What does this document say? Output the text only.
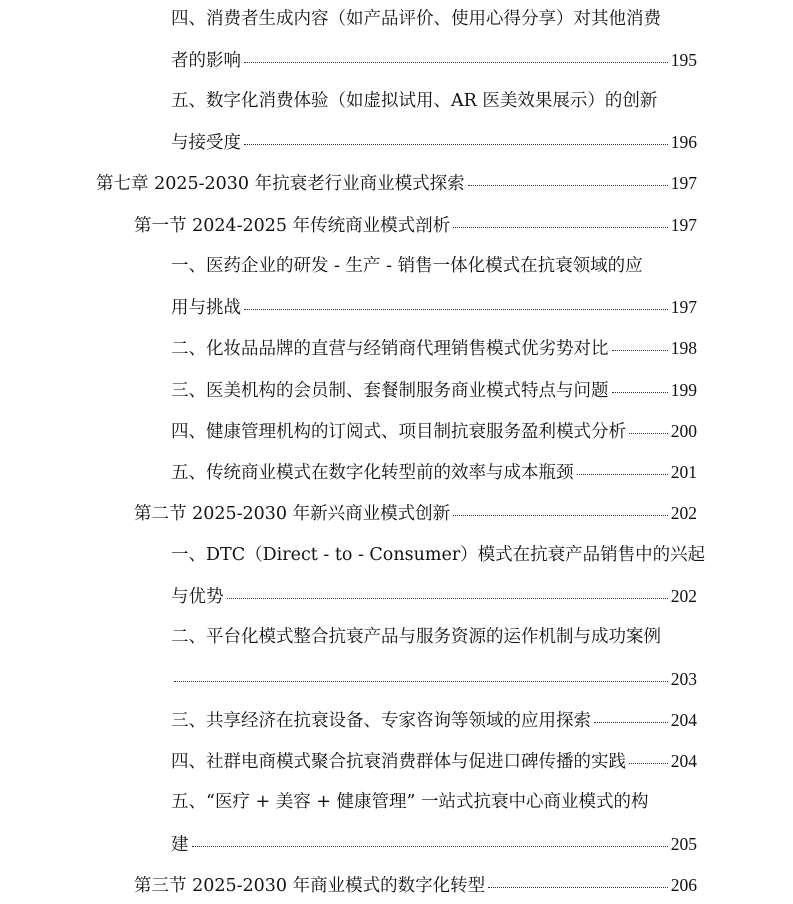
四、消费者生成内容（如产品评价、使用心得分享）对其他消费
者的影响	195
五、数字化消费体验（如虚拟试用、AR 医美效果展示）的创新
与接受度	196
第七章 2025-2030 年抗衰老行业商业模式探索	197
第一节 2024-2025 年传统商业模式剖析	197
一、医药企业的研发 - 生产 - 销售一体化模式在抗衰领域的应
用与挑战	197
二、化妆品品牌的直营与经销商代理销售模式优劣势对比	198
三、医美机构的会员制、套餐制服务商业模式特点与问题	199
四、健康管理机构的订阅式、项目制抗衰服务盈利模式分析	200
五、传统商业模式在数字化转型前的效率与成本瓶颈	201
第二节 2025-2030 年新兴商业模式创新	202
一、DTC（Direct - to - Consumer）模式在抗衰产品销售中的兴起
与优势	202
二、平台化模式整合抗衰产品与服务资源的运作机制与成功案例
203
三、共享经济在抗衰设备、专家咨询等领域的应用探索	204
四、社群电商模式聚合抗衰消费群体与促进口碑传播的实践	204
五、“医疗 + 美容 + 健康管理” 一站式抗衰中心商业模式的构
建	205
第三节 2025-2030 年商业模式的数字化转型	206
